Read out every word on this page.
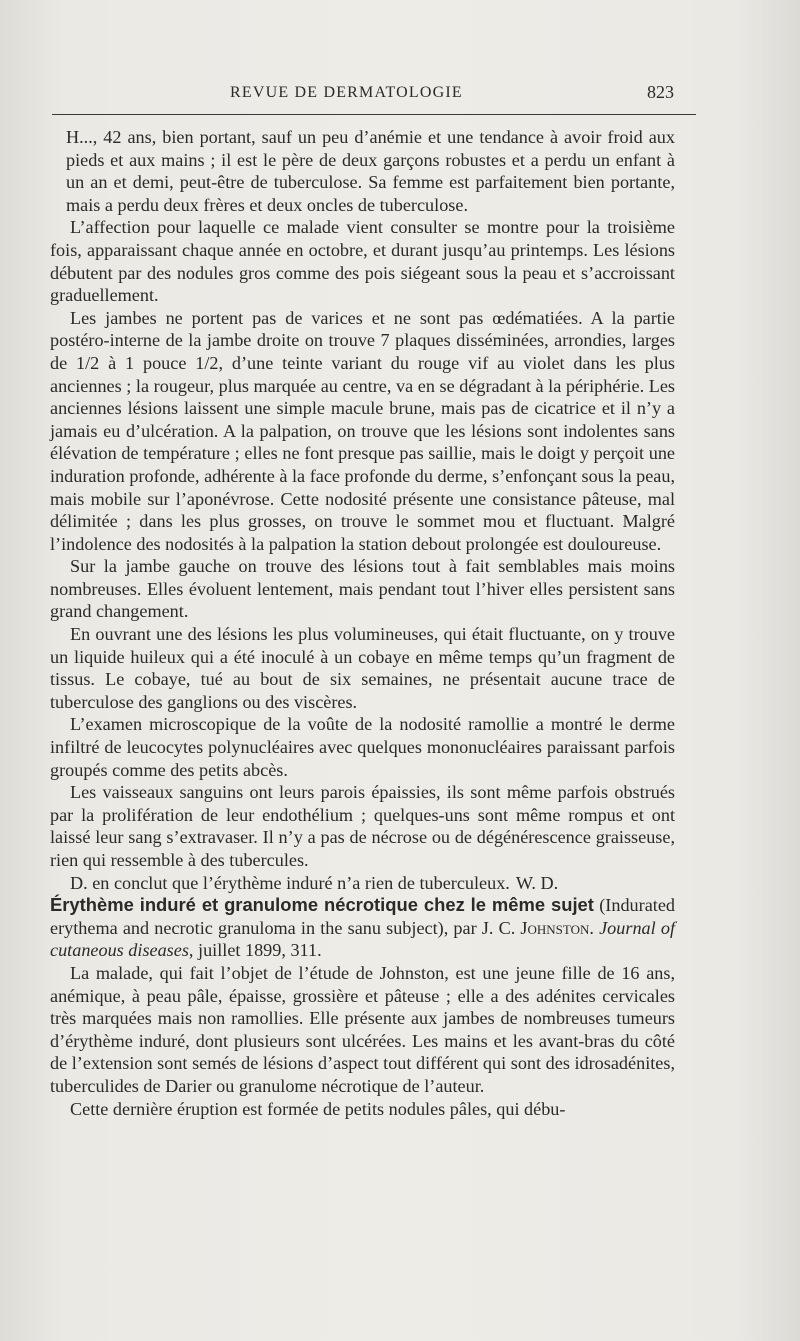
REVUE DE DERMATOLOGIE	823

H..., 42 ans, bien portant, sauf un peu d’anémie et une tendance à avoir froid aux pieds et aux mains ; il est le père de deux garçons robustes et a perdu un enfant à un an et demi, peut-être de tuberculose. Sa femme est parfaitement bien portante, mais a perdu deux frères et deux oncles de tuberculose.

L’affection pour laquelle ce malade vient consulter se montre pour la troisième fois, apparaissant chaque année en octobre, et durant jusqu’au printemps. Les lésions débutent par des nodules gros comme des pois siégeant sous la peau et s’accroissant graduellement.

Les jambes ne portent pas de varices et ne sont pas œdématiées. A la partie postéro-interne de la jambe droite on trouve 7 plaques disséminées, arrondies, larges de 1/2 à 1 pouce 1/2, d’une teinte variant du rouge vif au violet dans les plus anciennes ; la rougeur, plus marquée au centre, va en se dégradant à la périphérie. Les anciennes lésions laissent une simple macule brune, mais pas de cicatrice et il n’y a jamais eu d’ulcération. A la palpation, on trouve que les lésions sont indolentes sans élévation de température ; elles ne font presque pas saillie, mais le doigt y perçoit une induration profonde, adhérente à la face profonde du derme, s’enfonçant sous la peau, mais mobile sur l’aponévrose. Cette nodosité présente une consistance pâteuse, mal délimitée ; dans les plus grosses, on trouve le sommet mou et fluctuant. Malgré l’indolence des nodosités à la palpation la station debout prolongée est douloureuse.

Sur la jambe gauche on trouve des lésions tout à fait semblables mais moins nombreuses. Elles évoluent lentement, mais pendant tout l’hiver elles persistent sans grand changement.

En ouvrant une des lésions les plus volumineuses, qui était fluctuante, on y trouve un liquide huileux qui a été inoculé à un cobaye en même temps qu’un fragment de tissus. Le cobaye, tué au bout de six semaines, ne présentait aucune trace de tuberculose des ganglions ou des viscères.

L’examen microscopique de la voûte de la nodosité ramollie a montré le derme infiltré de leucocytes polynucléaires avec quelques mononucléaires paraissant parfois groupés comme des petits abcès.

Les vaisseaux sanguins ont leurs parois épaissies, ils sont même parfois obstrués par la prolifération de leur endothélium ; quelques-uns sont même rompus et ont laissé leur sang s’extravaser. Il n’y a pas de nécrose ou de dégénérescence graisseuse, rien qui ressemble à des tubercules.

D. en conclut que l’érythème induré n’a rien de tuberculeux. W. D.

Érythème induré et granulome nécrotique chez le même sujet (Indurated erythema and necrotic granuloma in the sanu subject), par J. C. Johnston. Journal of cutaneous diseases, juillet 1899, 311.

La malade, qui fait l’objet de l’étude de Johnston, est une jeune fille de 16 ans, anémique, à peau pâle, épaisse, grossière et pâteuse ; elle a des adénites cervicales très marquées mais non ramollies. Elle présente aux jambes de nombreuses tumeurs d’érythème induré, dont plusieurs sont ulcérées. Les mains et les avant-bras du côté de l’extension sont semés de lésions d’aspect tout différent qui sont des idrosadénites, tuberculides de Darier ou granulome nécrotique de l’auteur.

Cette dernière éruption est formée de petits nodules pâles, qui débu-
